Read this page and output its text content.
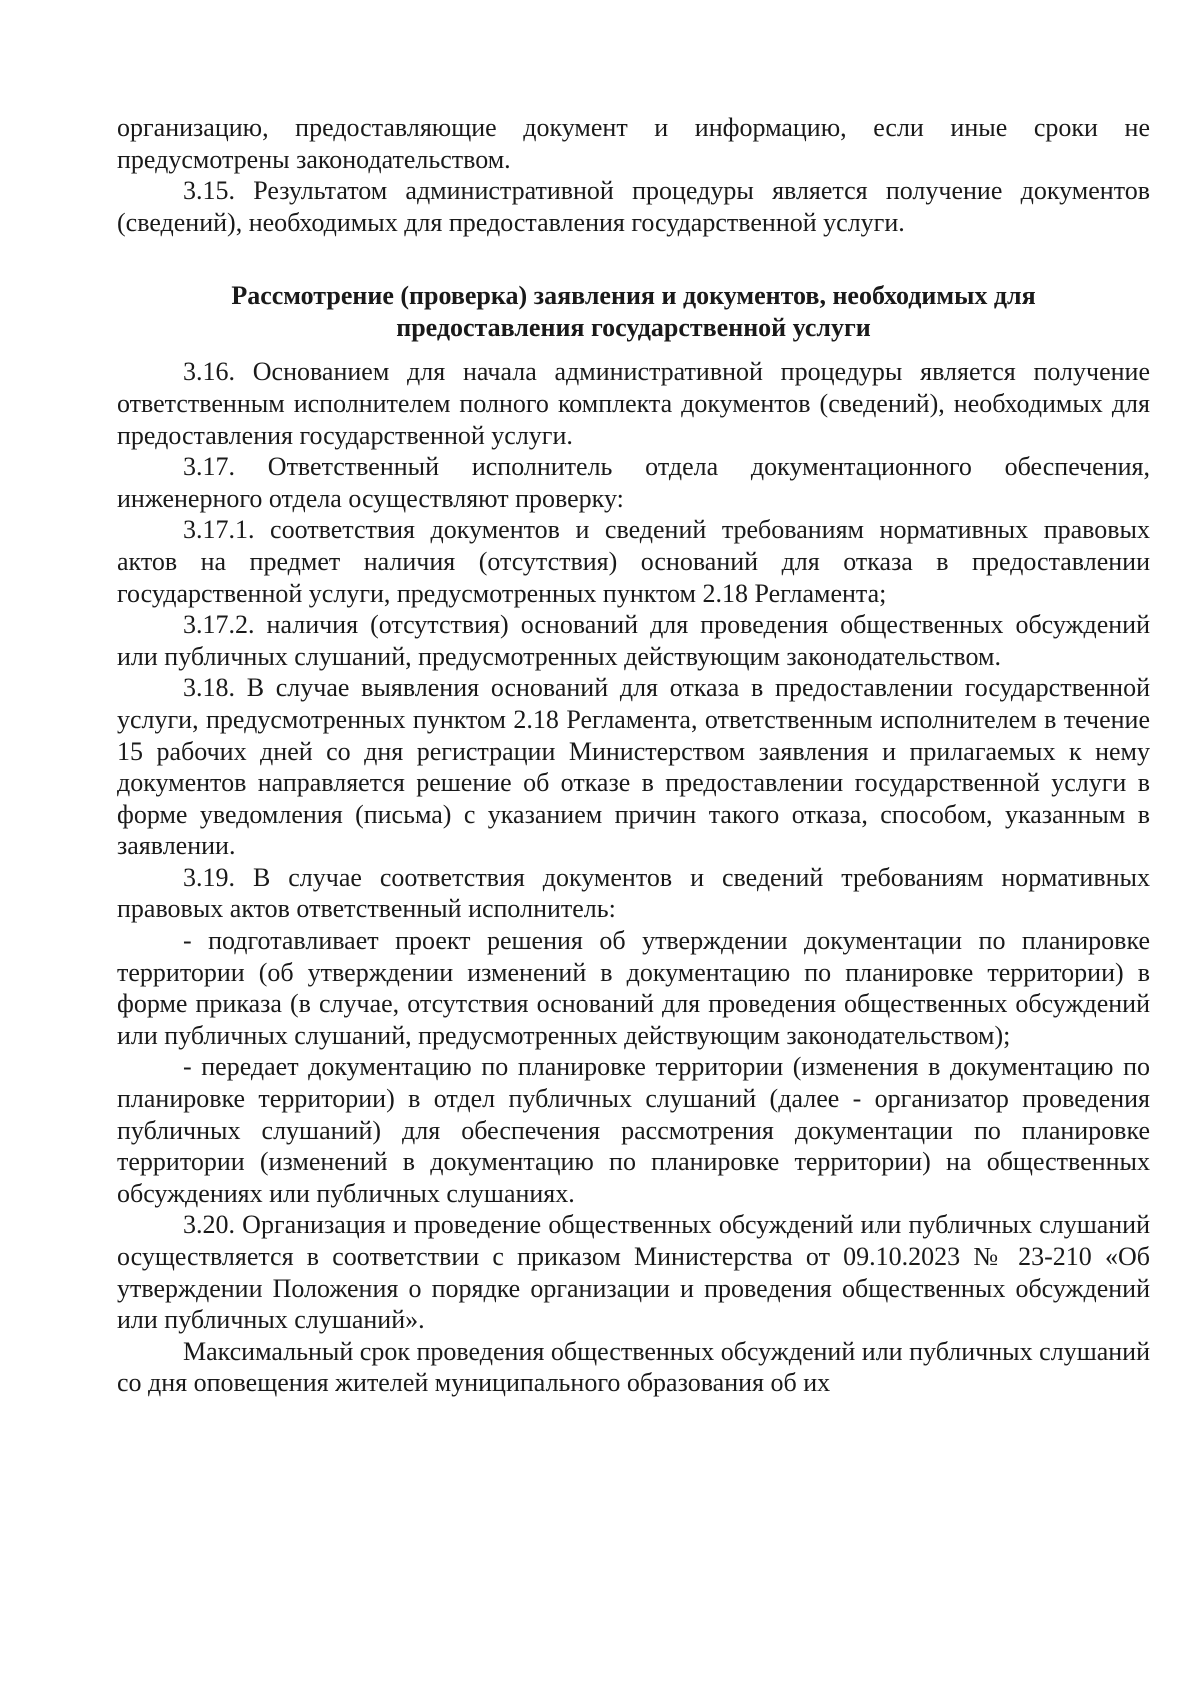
организацию, предоставляющие документ и информацию, если иные сроки не предусмотрены законодательством.

3.15. Результатом административной процедуры является получение документов (сведений), необходимых для предоставления государственной услуги.

Рассмотрение (проверка) заявления и документов, необходимых для
предоставления государственной услуги

3.16. Основанием для начала административной процедуры является получение ответственным исполнителем полного комплекта документов (сведений), необходимых для предоставления государственной услуги.

3.17. Ответственный исполнитель отдела документационного обеспечения, инженерного отдела осуществляют проверку:

3.17.1. соответствия документов и сведений требованиям нормативных правовых актов на предмет наличия (отсутствия) оснований для отказа в предоставлении государственной услуги, предусмотренных пунктом 2.18 Регламента;

3.17.2. наличия (отсутствия) оснований для проведения общественных обсуждений или публичных слушаний, предусмотренных действующим законодательством.

3.18. В случае выявления оснований для отказа в предоставлении государственной услуги, предусмотренных пунктом 2.18 Регламента, ответственным исполнителем в течение 15 рабочих дней со дня регистрации Министерством заявления и прилагаемых к нему документов направляется решение об отказе в предоставлении государственной услуги в форме уведомления (письма) с указанием причин такого отказа, способом, указанным в заявлении.

3.19. В случае соответствия документов и сведений требованиям нормативных правовых актов ответственный исполнитель:

- подготавливает проект решения об утверждении документации по планировке территории (об утверждении изменений в документацию по планировке территории) в форме приказа (в случае, отсутствия оснований для проведения общественных обсуждений или публичных слушаний, предусмотренных действующим законодательством);

- передает документацию по планировке территории (изменения в документацию по планировке территории) в отдел публичных слушаний (далее - организатор проведения публичных слушаний) для обеспечения рассмотрения документации по планировке территории (изменений в документацию по планировке территории) на общественных обсуждениях или публичных слушаниях.

3.20. Организация и проведение общественных обсуждений или публичных слушаний осуществляется в соответствии с приказом Министерства от 09.10.2023 № 23-210 «Об утверждении Положения о порядке организации и проведения общественных обсуждений или публичных слушаний».

Максимальный срок проведения общественных обсуждений или публичных слушаний со дня оповещения жителей муниципального образования об их
